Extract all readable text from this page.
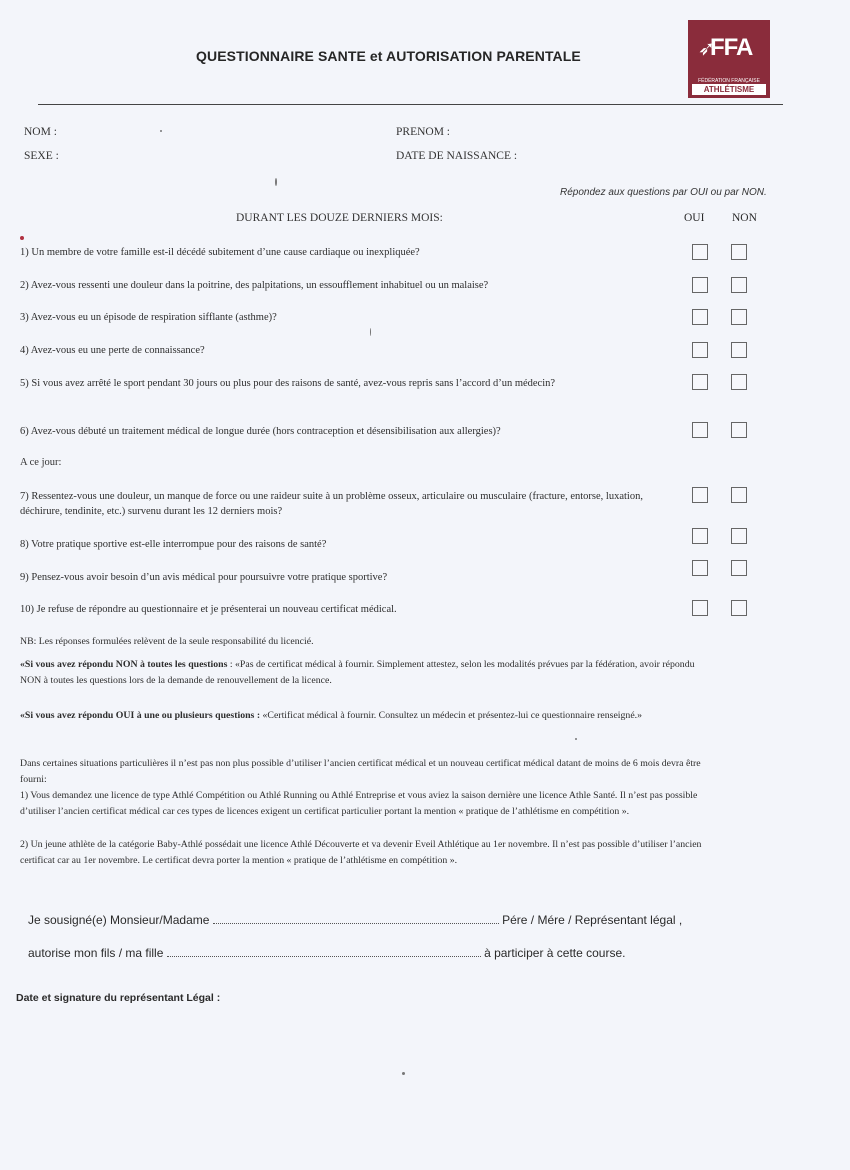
QUESTIONNAIRE SANTE et AUTORISATION PARENTALE	➶
FFA
FÉDÉRATION FRANÇAISE
ATHLÉTISME
NOM :	PRENOM :
SEXE :	DATE DE NAISSANCE :
Répondez aux questions par OUI ou par NON.
DURANT LES DOUZE DERNIERS MOIS:	OUI NON
1) Un membre de votre famille est-il décédé subitement d’une cause cardiaque ou inexpliquée?
2) Avez-vous ressenti une douleur dans la poitrine, des palpitations, un essoufflement inhabituel ou un malaise?
3) Avez-vous eu un épisode de respiration sifflante (asthme)?
4) Avez-vous eu une perte de connaissance?
5) Si vous avez arrêté le sport pendant 30 jours ou plus pour des raisons de santé, avez-vous repris sans l’accord d’un médecin?
6) Avez-vous débuté un traitement médical de longue durée (hors contraception et désensibilisation aux allergies)?
A ce jour:
7) Ressentez-vous une douleur, un manque de force ou une raideur suite à un problème osseux, articulaire ou musculaire (fracture, entorse, luxation, déchirure, tendinite, etc.) survenu durant les 12 derniers mois?
8) Votre pratique sportive est-elle interrompue pour des raisons de santé?
9) Pensez-vous avoir besoin d’un avis médical pour poursuivre votre pratique sportive?
10) Je refuse de répondre au questionnaire et je présenterai un nouveau certificat médical.
NB: Les réponses formulées relèvent de la seule responsabilité du licencié.
«Si vous avez répondu NON à toutes les questions : «Pas de certificat médical à fournir. Simplement attestez, selon les modalités prévues par la fédération, avoir répondu NON à toutes les questions lors de la demande de renouvellement de la licence.
«Si vous avez répondu OUI à une ou plusieurs questions : «Certificat médical à fournir. Consultez un médecin et présentez-lui ce questionnaire renseigné.»
Dans certaines situations particulières il n’est pas non plus possible d’utiliser l’ancien certificat médical et un nouveau certificat médical datant de moins de 6 mois devra être fourni:
1) Vous demandez une licence de type Athlé Compétition ou Athlé Running ou Athlé Entreprise et vous aviez la saison dernière une licence Athle Santé. Il n’est pas possible d’utiliser l’ancien certificat médical car ces types de licences exigent un certificat particulier portant la mention « pratique de l’athlétisme en compétition ».
2) Un jeune athlète de la catégorie Baby-Athlé possédait une licence Athlé Découverte et va devenir Eveil Athlétique au 1er novembre. Il n’est pas possible d’utiliser l’ancien certificat car au 1er novembre. Le certificat devra porter la mention « pratique de l’athlétisme en compétition ».
Je sousigné(e) Monsieur/Madame	Pére / Mére / Représentant légal ,
autorise mon fils / ma fille	à participer à cette course.
Date et signature du représentant Légal :
